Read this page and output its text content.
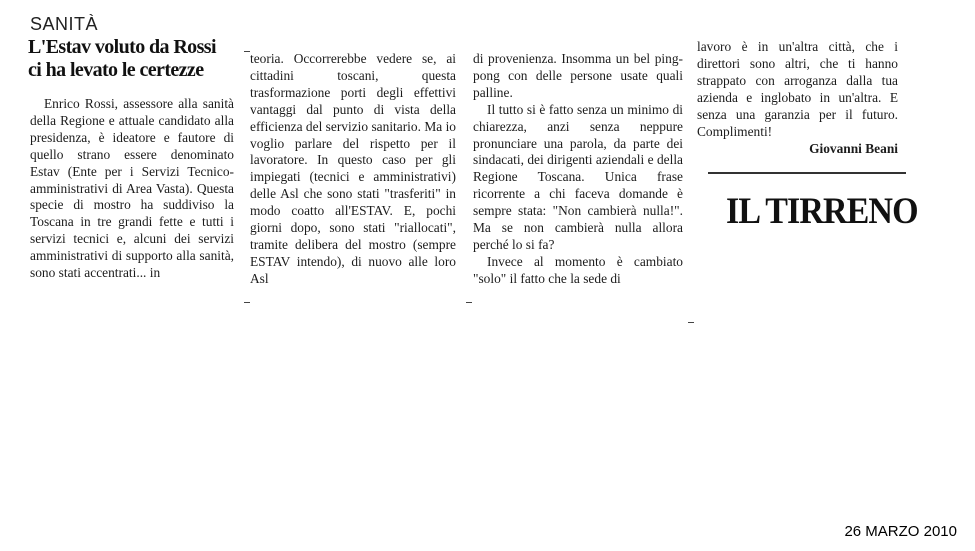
SANITÀ
L'Estav voluto da Rossi
ci ha levato le certezze

Enrico Rossi, assessore alla sanità della Regione e attuale candidato alla presidenza, è ideatore e fautore di quello strano essere denominato Estav (Ente per i Servizi Tecnico-amministrativi di Area Vasta). Questa specie di mostro ha suddiviso la Toscana in tre grandi fette e tutti i servizi tecnici e, alcuni dei servizi amministrativi di supporto alla sanità, sono stati accentrati... in

teoria. Occorrerebbe vedere se, ai cittadini toscani, questa trasformazione porti degli effettivi vantaggi dal punto di vista della efficienza del servizio sanitario. Ma io voglio parlare del rispetto per il lavoratore. In questo caso per gli impiegati (tecnici e amministrativi) delle Asl che sono stati "trasferiti" in modo coatto all'ESTAV. E, pochi giorni dopo, sono stati "riallocati", tramite delibera del mostro (sempre ESTAV intendo), di nuovo alle loro Asl

di provenienza. Insomma un bel ping-pong con delle persone usate quali palline.

Il tutto si è fatto senza un minimo di chiarezza, anzi senza neppure pronunciare una parola, da parte dei sindacati, dei dirigenti aziendali e della Regione Toscana. Unica frase ricorrente a chi faceva domande è sempre stata: "Non cambierà nulla!". Ma se non cambierà nulla allora perché lo si fa?

Invece al momento è cambiato "solo" il fatto che la sede di

lavoro è in un'altra città, che i direttori sono altri, che ti hanno strappato con arroganza dalla tua azienda e inglobato in un'altra. E senza una garanzia per il futuro. Complimenti!

Giovanni Beani
IL TIRRENO
26 MARZO 2010
